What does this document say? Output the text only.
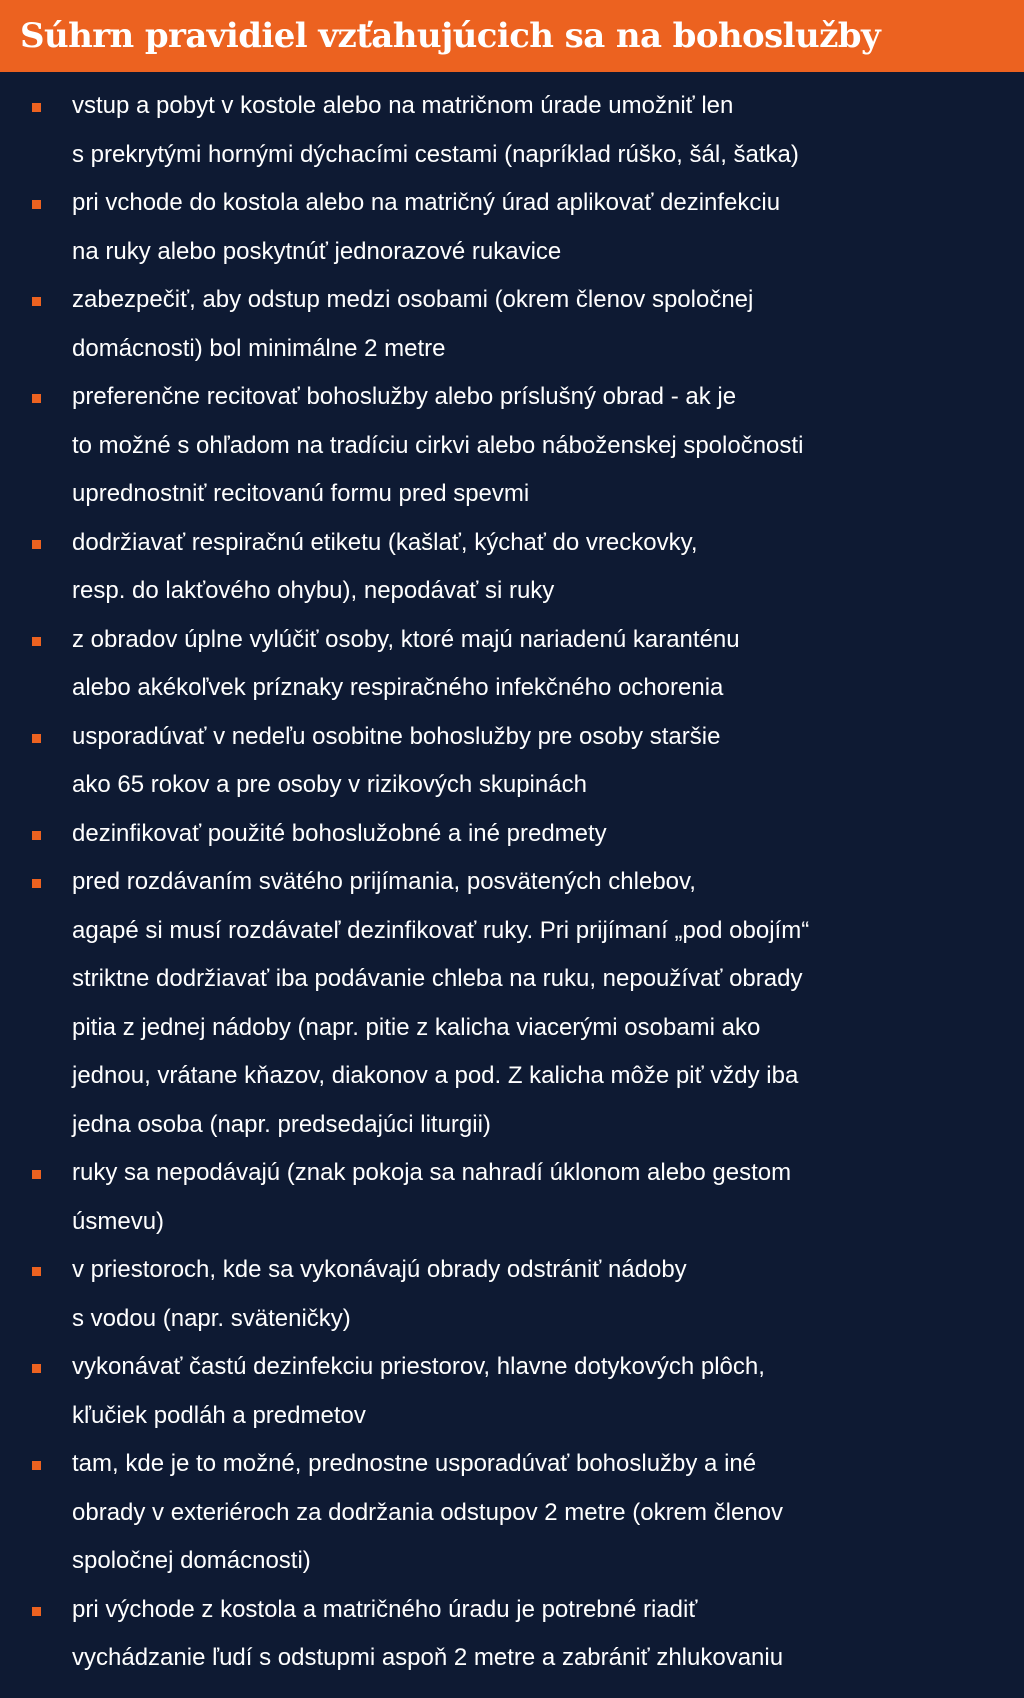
Súhrn pravidiel vzťahujúcich sa na bohoslužby
vstup a pobyt v kostole alebo na matričnom úrade umožniť len
s prekrytými hornými dýchacími cestami (napríklad rúško, šál, šatka)
pri vchode do kostola alebo na matričný úrad aplikovať dezinfekciu
na ruky alebo poskytnúť jednorazové rukavice
zabezpečiť, aby odstup medzi osobami (okrem členov spoločnej
domácnosti) bol minimálne 2 metre
preferenčne recitovať bohoslužby alebo príslušný obrad - ak je
to možné s ohľadom na tradíciu cirkvi alebo náboženskej spoločnosti
uprednostniť recitovanú formu pred spevmi
dodržiavať respiračnú etiketu (kašlať, kýchať do vreckovky,
resp. do lakťového ohybu), nepodávať si ruky
z obradov úplne vylúčiť osoby, ktoré majú nariadenú karanténu
alebo akékoľvek príznaky respiračného infekčného ochorenia
usporadúvať v nedeľu osobitne bohoslužby pre osoby staršie
ako 65 rokov a pre osoby v rizikových skupinách
dezinfikovať použité bohoslužobné a iné predmety
pred rozdávaním svätého prijímania, posvätených chlebov,
agapé si musí rozdávateľ dezinfikovať ruky. Pri prijímaní „pod obojím“
striktne dodržiavať iba podávanie chleba na ruku, nepoužívať obrady
pitia z jednej nádoby (napr. pitie z kalicha viacerými osobami ako
jednou, vrátane kňazov, diakonov a pod. Z kalicha môže piť vždy iba
jedna osoba (napr. predsedajúci liturgii)
ruky sa nepodávajú (znak pokoja sa nahradí úklonom alebo gestom
úsmevu)
v priestoroch, kde sa vykonávajú obrady odstrániť nádoby
s vodou (napr. sväteničky)
vykonávať častú dezinfekciu priestorov, hlavne dotykových plôch,
kľučiek podláh a predmetov
tam, kde je to možné, prednostne usporadúvať bohoslužby a iné
obrady v exteriéroch za dodržania odstupov 2 metre (okrem členov
spoločnej domácnosti)
pri východe z kostola a matričného úradu je potrebné riadiť
vychádzanie ľudí s odstupmi aspoň 2 metre a zabrániť zhlukovaniu
